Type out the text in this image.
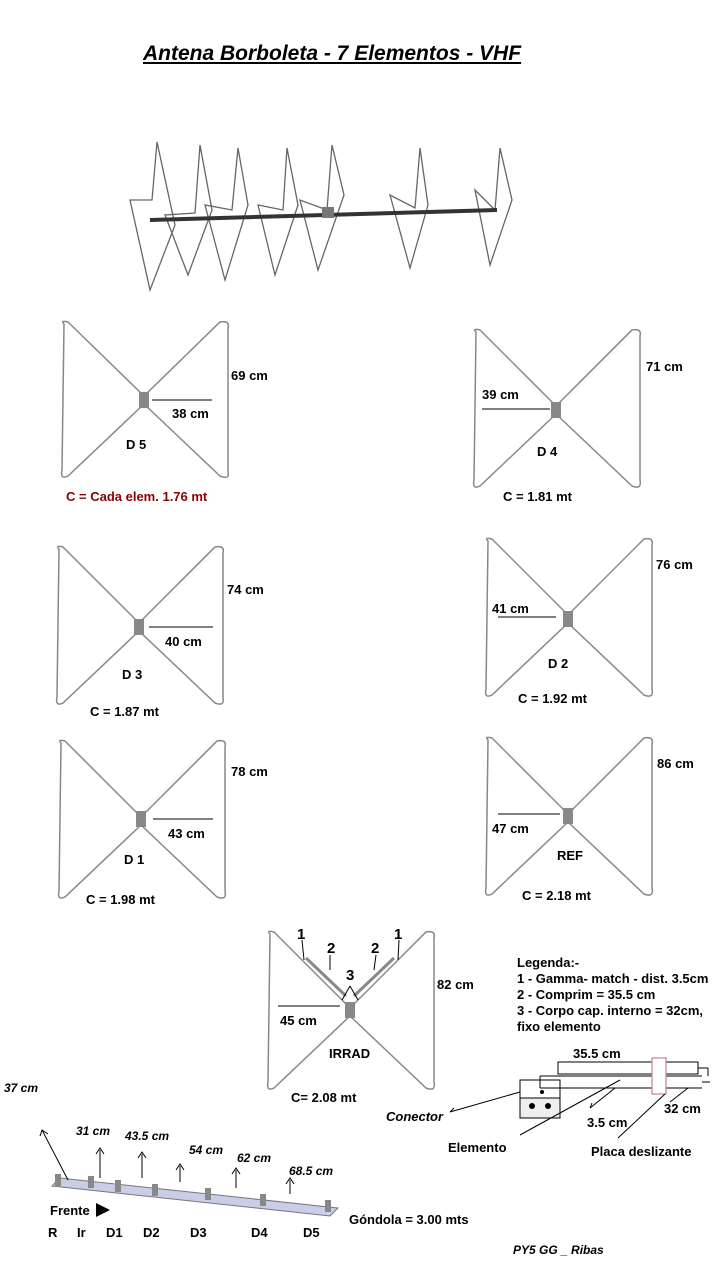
Antena Borboleta - 7 Elementos - VHF
69 cm
38 cm
D 5
C = Cada elem. 1.76 mt
71 cm
39 cm
D 4
C = 1.81 mt
74 cm
40 cm
D 3
C = 1.87 mt
76 cm
41 cm
D 2
C = 1.92 mt
78 cm
43 cm
D 1
C = 1.98 mt
86 cm
47 cm
REF
C = 2.18 mt
1
2 2
1
3
82 cm
45 cm
IRRAD
C= 2.08 mt
Legenda:-
1 - Gamma- match - dist. 3.5cm
2 - Comprim = 35.5 cm
3 - Corpo cap. interno = 32cm,
fixo elemento
35.5 cm
32 cm
3.5 cm
Conector
Elemento	Placa deslizante
37 cm
31 cm 43.5 cm
54 cm
62 cm
68.5 cm
Frente
R Ir D1 D2 D3	D4	D5
Góndola = 3.00 mts
PY5 GG _ Ribas
